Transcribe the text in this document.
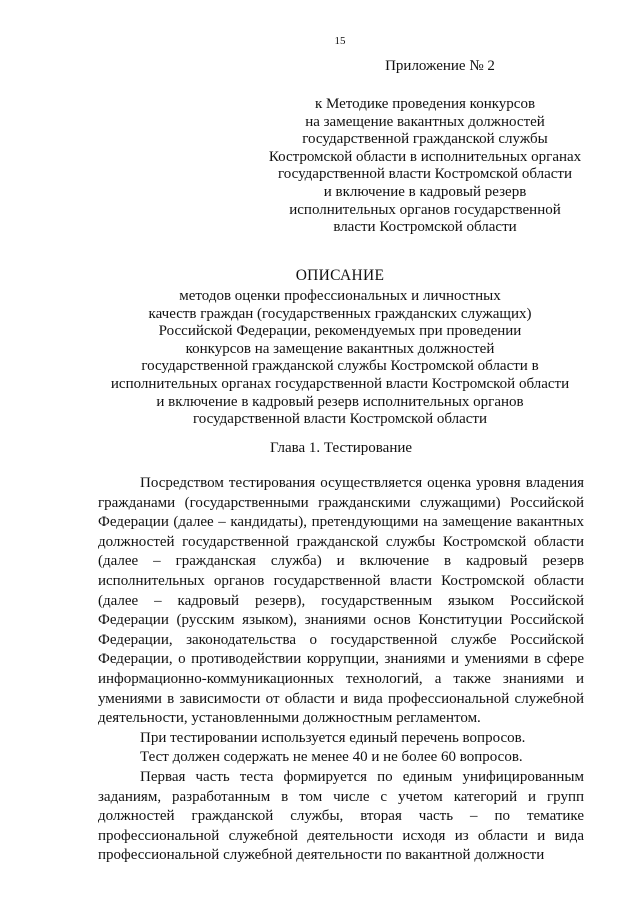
15
Приложение № 2
к Методике проведения конкурсов
на замещение вакантных должностей
государственной гражданской службы
Костромской области в исполнительных органах
государственной власти Костромской области
и включение в кадровый резерв
исполнительных органов государственной
власти Костромской области
ОПИСАНИЕ
методов оценки профессиональных и личностных
качеств граждан (государственных гражданских служащих)
Российской Федерации, рекомендуемых при проведении
конкурсов на замещение вакантных должностей
государственной гражданской службы Костромской области в
исполнительных органах государственной власти Костромской области
и включение в кадровый резерв исполнительных органов
государственной власти Костромской области
Глава 1. Тестирование

Посредством тестирования осуществляется оценка уровня владения гражданами (государственными гражданскими служащими) Российской Федерации (далее – кандидаты), претендующими на замещение вакантных должностей государственной гражданской службы Костромской области (далее – гражданская служба) и включение в кадровый резерв исполнительных органов государственной власти Костромской области (далее – кадровый резерв), государственным языком Российской Федерации (русским языком), знаниями основ Конституции Российской Федерации, законодательства о государственной службе Российской Федерации, о противодействии коррупции, знаниями и умениями в сфере информационно-коммуникационных технологий, а также знаниями и умениями в зависимости от области и вида профессиональной служебной деятельности, установленными должностным регламентом.

При тестировании используется единый перечень вопросов.

Тест должен содержать не менее 40 и не более 60 вопросов.

Первая часть теста формируется по единым унифицированным заданиям, разработанным в том числе с учетом категорий и групп должностей гражданской службы, вторая часть – по тематике профессиональной служебной деятельности исходя из области и вида профессиональной служебной деятельности по вакантной должности
